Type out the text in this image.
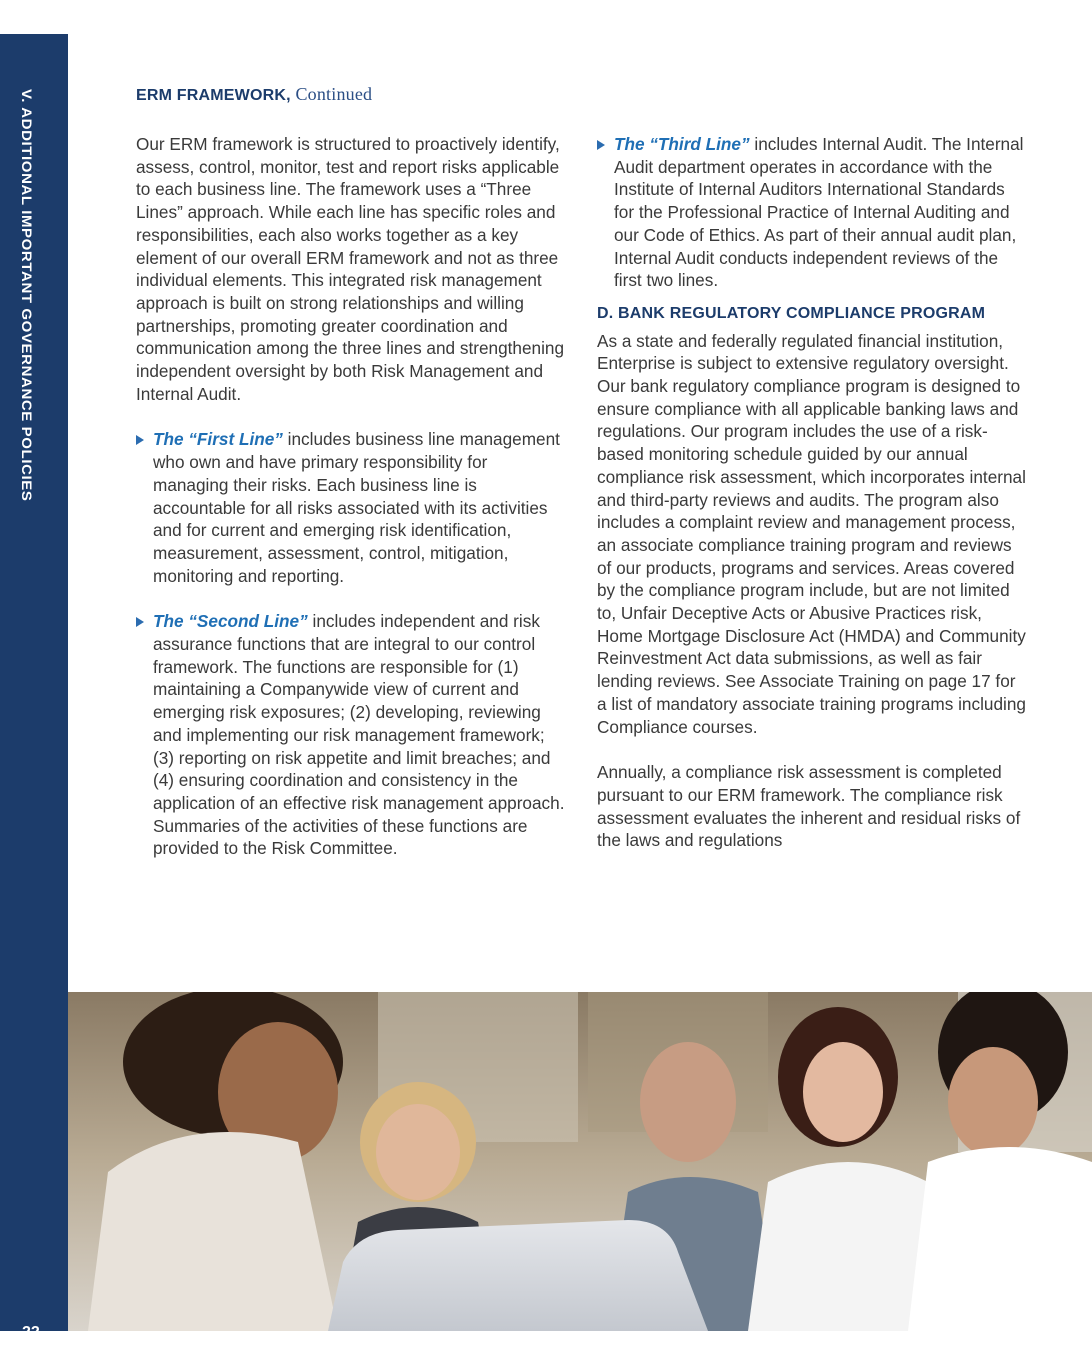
V. ADDITIONAL IMPORTANT GOVERNANCE POLICIES
22
ERM FRAMEWORK, Continued

Our ERM framework is structured to proactively identify, assess, control, monitor, test and report risks applicable to each business line. The framework uses a “Three Lines” approach. While each line has specific roles and responsibilities, each also works together as a key element of our overall ERM framework and not as three individual elements. This integrated risk management approach is built on strong relationships and willing partnerships, promoting greater coordination and communication among the three lines and strengthening independent oversight by both Risk Management and Internal Audit.

The “First Line” includes business line management who own and have primary responsibility for managing their risks. Each business line is accountable for all risks associated with its activities and for current and emerging risk identification, measurement, assessment, control, mitigation, monitoring and reporting.

The “Second Line” includes independent and risk assurance functions that are integral to our control framework. The functions are responsible for (1) maintaining a Companywide view of current and emerging risk exposures; (2) developing, reviewing and implementing our risk management framework; (3) reporting on risk appetite and limit breaches; and (4) ensuring coordination and consistency in the application of an effective risk management approach. Summaries of the activities of these functions are provided to the Risk Committee.

The “Third Line” includes Internal Audit. The Internal Audit department operates in accordance with the Institute of Internal Auditors International Standards for the Professional Practice of Internal Auditing and our Code of Ethics. As part of their annual audit plan, Internal Audit conducts independent reviews of the first two lines.

D. BANK REGULATORY COMPLIANCE PROGRAM

As a state and federally regulated financial institution, Enterprise is subject to extensive regulatory oversight. Our bank regulatory compliance program is designed to ensure compliance with all applicable banking laws and regulations. Our program includes the use of a risk-based monitoring schedule guided by our annual compliance risk assessment, which incorporates internal and third-party reviews and audits. The program also includes a complaint review and management process, an associate compliance training program and reviews of our products, programs and services. Areas covered by the compliance program include, but are not limited to, Unfair Deceptive Acts or Abusive Practices risk, Home Mortgage Disclosure Act (HMDA) and Community Reinvestment Act data submissions, as well as fair lending reviews. See Associate Training on page 17 for a list of mandatory associate training programs including Compliance courses.

Annually, a compliance risk assessment is completed pursuant to our ERM framework. The compliance risk assessment evaluates the inherent and residual risks of the laws and regulations
